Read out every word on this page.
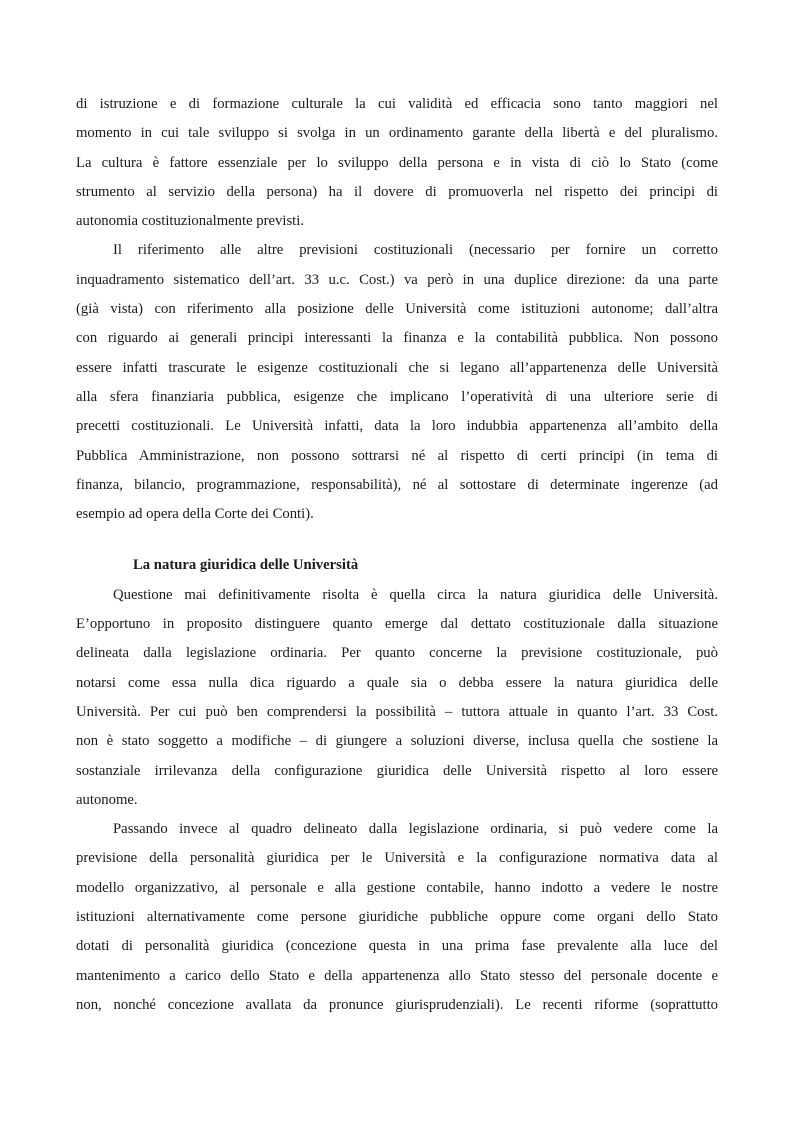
di istruzione e di formazione culturale la cui validità ed efficacia sono tanto maggiori nel
momento in cui tale sviluppo si svolga in un ordinamento garante della libertà e del pluralismo.
La cultura è fattore essenziale per lo sviluppo della persona e in vista di ciò lo Stato (come
strumento al servizio della persona) ha il dovere di promuoverla nel rispetto dei principi di
autonomia costituzionalmente previsti.
Il riferimento alle altre previsioni costituzionali (necessario per fornire un corretto
inquadramento sistematico dell’art. 33 u.c. Cost.) va però in una duplice direzione: da una parte
(già vista) con riferimento alla posizione delle Università come istituzioni autonome; dall’altra
con riguardo ai generali principi interessanti la finanza e la contabilità pubblica. Non possono
essere infatti trascurate le esigenze costituzionali che si legano all’appartenenza delle Università
alla sfera finanziaria pubblica, esigenze che implicano l’operatività di una ulteriore serie di
precetti costituzionali. Le Università infatti, data la loro indubbia appartenenza all’ambito della
Pubblica Amministrazione, non possono sottrarsi né al rispetto di certi principi (in tema di
finanza, bilancio, programmazione, responsabilità), né al sottostare di determinate ingerenze (ad
esempio ad opera della Corte dei Conti).
La natura giuridica delle Università
Questione mai definitivamente risolta è quella circa la natura giuridica delle Università.
E’opportuno in proposito distinguere quanto emerge dal dettato costituzionale dalla situazione
delineata dalla legislazione ordinaria. Per quanto concerne la previsione costituzionale, può
notarsi come essa nulla dica riguardo a quale sia o debba essere la natura giuridica delle
Università. Per cui può ben comprendersi la possibilità – tuttora attuale in quanto l’art. 33 Cost.
non è stato soggetto a modifiche – di giungere a soluzioni diverse, inclusa quella che sostiene la
sostanziale irrilevanza della configurazione giuridica delle Università rispetto al loro essere
autonome.
Passando invece al quadro delineato dalla legislazione ordinaria, si può vedere come la
previsione della personalità giuridica per le Università e la configurazione normativa data al
modello organizzativo, al personale e alla gestione contabile, hanno indotto a vedere le nostre
istituzioni alternativamente come persone giuridiche pubbliche oppure come organi dello Stato
dotati di personalità giuridica (concezione questa in una prima fase prevalente alla luce del
mantenimento a carico dello Stato e della appartenenza allo Stato stesso del personale docente e
non, nonché concezione avallata da pronunce giurisprudenziali). Le recenti riforme (soprattutto
